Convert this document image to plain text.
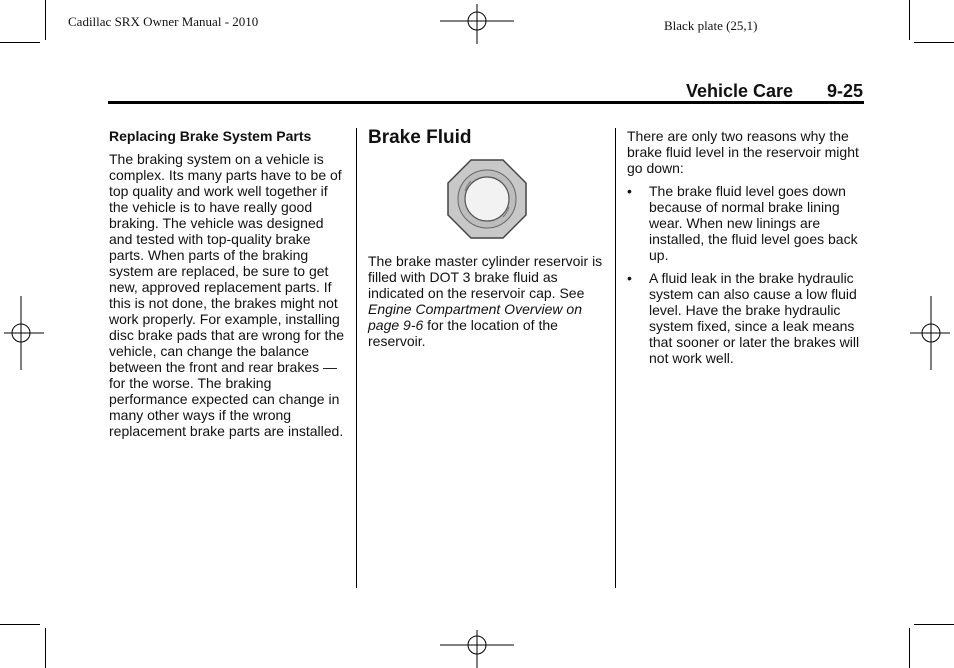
Cadillac SRX Owner Manual - 2010	Black plate (25,1)
Vehicle Care 9-25
Replacing Brake System Parts

The braking system on a vehicle is complex. Its many parts have to be of top quality and work well together if the vehicle is to have really good braking. The vehicle was designed and tested with top-quality brake parts. When parts of the braking system are replaced, be sure to get new, approved replacement parts. If this is not done, the brakes might not work properly. For example, installing disc brake pads that are wrong for the vehicle, can change the balance between the front and rear brakes — for the worse. The braking performance expected can change in many other ways if the wrong replacement brake parts are installed.

Brake Fluid

The brake master cylinder reservoir is filled with DOT 3 brake fluid as indicated on the reservoir cap. See Engine Compartment Overview on page 9-6 for the location of the reservoir.

There are only two reasons why the brake fluid level in the reservoir might go down:

• The brake fluid level goes down because of normal brake lining wear. When new linings are installed, the fluid level goes back up.
• A fluid leak in the brake hydraulic system can also cause a low fluid level. Have the brake hydraulic system fixed, since a leak means that sooner or later the brakes will not work well.
